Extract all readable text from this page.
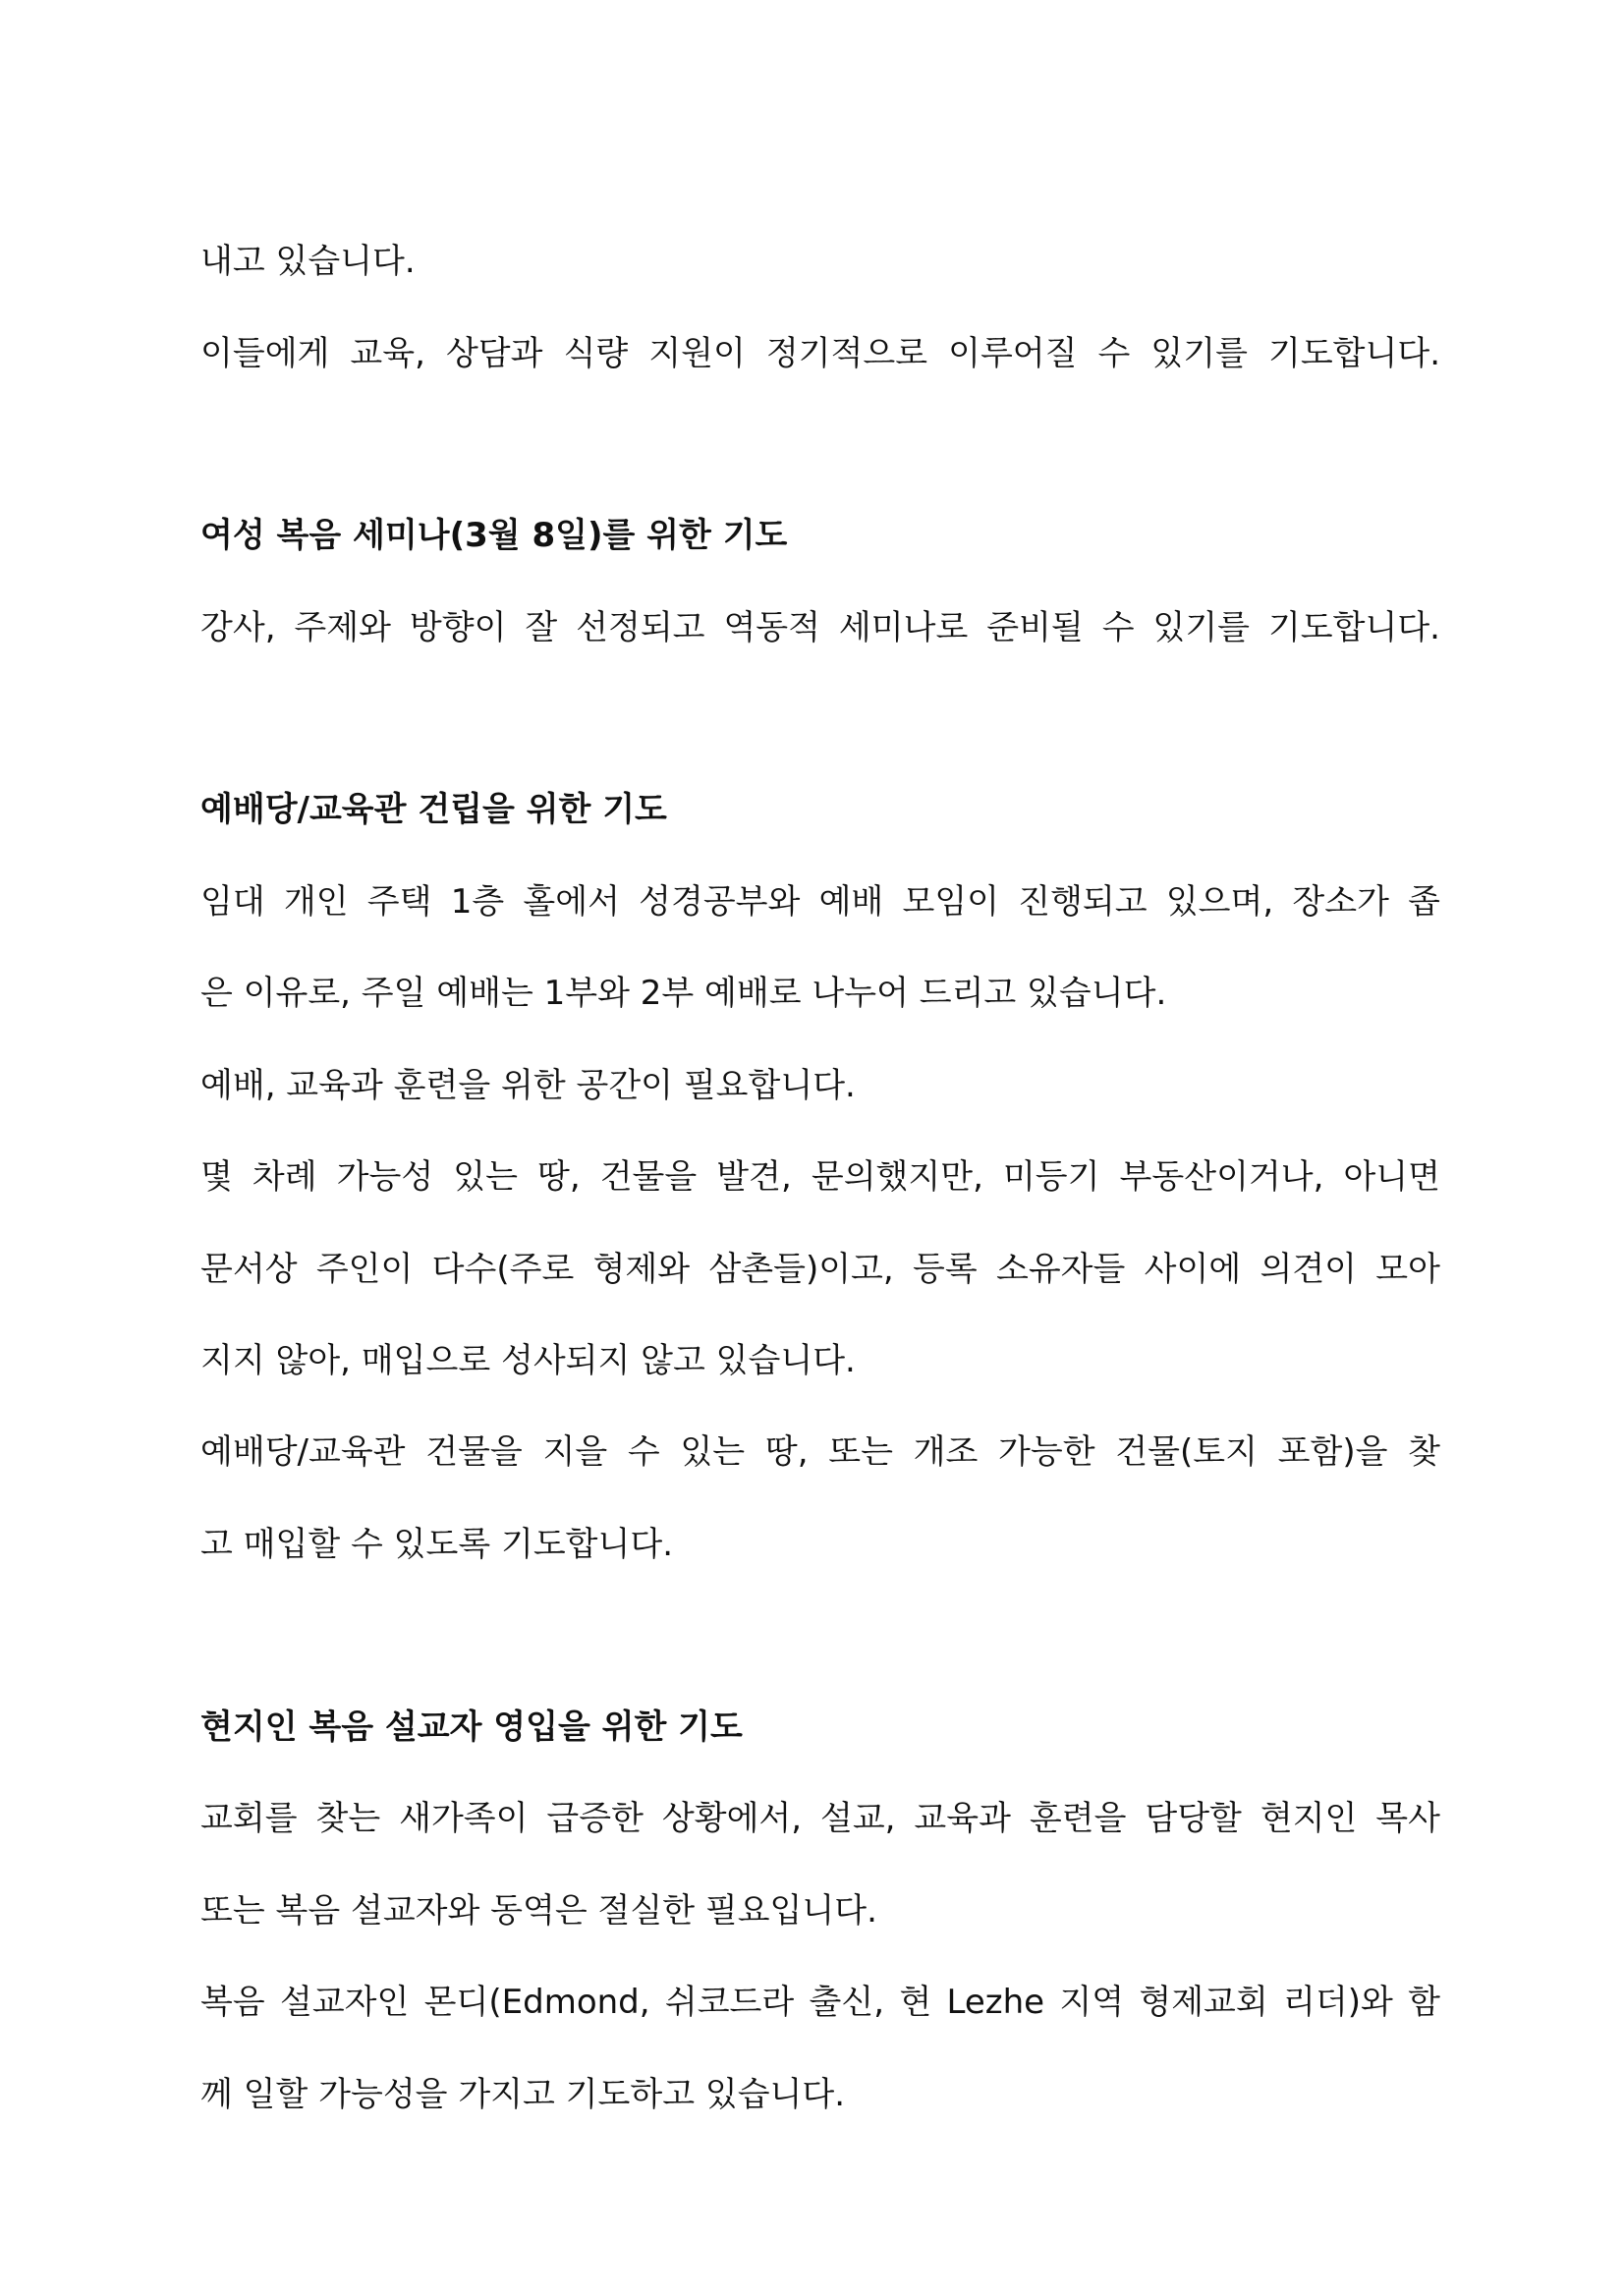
내고 있습니다.
이들에게 교육, 상담과 식량 지원이 정기적으로 이루어질 수 있기를 기도합니다.
여성 복음 세미나(3월 8일)를 위한 기도
강사, 주제와 방향이 잘 선정되고 역동적 세미나로 준비될 수 있기를 기도합니다.
예배당/교육관 건립을 위한 기도
임대 개인 주택 1층 홀에서 성경공부와 예배 모임이 진행되고 있으며, 장소가 좁
은 이유로, 주일 예배는 1부와 2부 예배로 나누어 드리고 있습니다.
예배, 교육과 훈련을 위한 공간이 필요합니다.
몇 차례 가능성 있는 땅, 건물을 발견, 문의했지만, 미등기 부동산이거나, 아니면
문서상 주인이 다수(주로 형제와 삼촌들)이고, 등록 소유자들 사이에 의견이 모아
지지 않아, 매입으로 성사되지 않고 있습니다.
예배당/교육관 건물을 지을 수 있는 땅, 또는 개조 가능한 건물(토지 포함)을 찾
고 매입할 수 있도록 기도합니다.
현지인 복음 설교자 영입을 위한 기도
교회를 찾는 새가족이 급증한 상황에서, 설교, 교육과 훈련을 담당할 현지인 목사
또는 복음 설교자와 동역은 절실한 필요입니다.
복음 설교자인 몬디(Edmond, 쉬코드라 출신, 현 Lezhe 지역 형제교회 리더)와 함
께 일할 가능성을 가지고 기도하고 있습니다.
